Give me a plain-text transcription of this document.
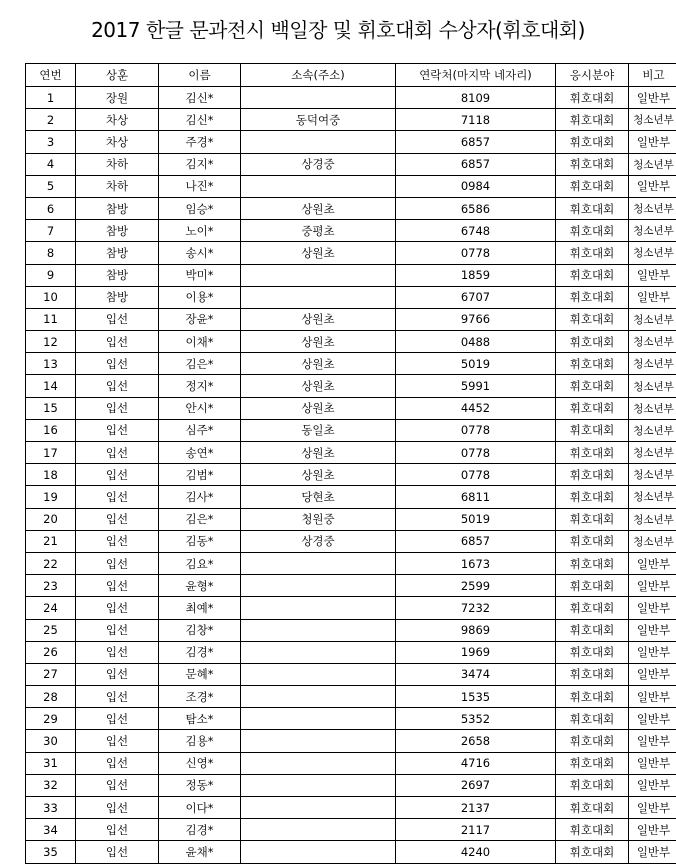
2017 한글 문과전시 백일장 및 휘호대회 수상자(휘호대회)
연번	상훈	이름	소속(주소)	연락처(마지막 네자리)	응시분야	비고
1	장원	김신*		8109	휘호대회	일반부
2	차상	김신*	동덕여중	7118	휘호대회	청소년부
3	차상	주경*		6857	휘호대회	일반부
4	차하	김지*	상경중	6857	휘호대회	청소년부
5	차하	나진*		0984	휘호대회	일반부
6	참방	임승*	상원초	6586	휘호대회	청소년부
7	참방	노이*	중평초	6748	휘호대회	청소년부
8	참방	송시*	상원초	0778	휘호대회	청소년부
9	참방	박미*		1859	휘호대회	일반부
10	참방	이용*		6707	휘호대회	일반부
11	입선	장윤*	상원초	9766	휘호대회	청소년부
12	입선	이채*	상원초	0488	휘호대회	청소년부
13	입선	김은*	상원초	5019	휘호대회	청소년부
14	입선	정지*	상원초	5991	휘호대회	청소년부
15	입선	안시*	상원초	4452	휘호대회	청소년부
16	입선	심주*	동일초	0778	휘호대회	청소년부
17	입선	송연*	상원초	0778	휘호대회	청소년부
18	입선	김범*	상원초	0778	휘호대회	청소년부
19	입선	김사*	당현초	6811	휘호대회	청소년부
20	입선	김은*	청원중	5019	휘호대회	청소년부
21	입선	김동*	상경중	6857	휘호대회	청소년부
22	입선	김요*		1673	휘호대회	일반부
23	입선	윤형*		2599	휘호대회	일반부
24	입선	최예*		7232	휘호대회	일반부
25	입선	김창*		9869	휘호대회	일반부
26	입선	김경*		1969	휘호대회	일반부
27	입선	문혜*		3474	휘호대회	일반부
28	입선	조경*		1535	휘호대회	일반부
29	입선	탐소*		5352	휘호대회	일반부
30	입선	김용*		2658	휘호대회	일반부
31	입선	신영*		4716	휘호대회	일반부
32	입선	정동*		2697	휘호대회	일반부
33	입선	이다*		2137	휘호대회	일반부
34	입선	김경*		2117	휘호대회	일반부
35	입선	윤채*		4240	휘호대회	일반부
